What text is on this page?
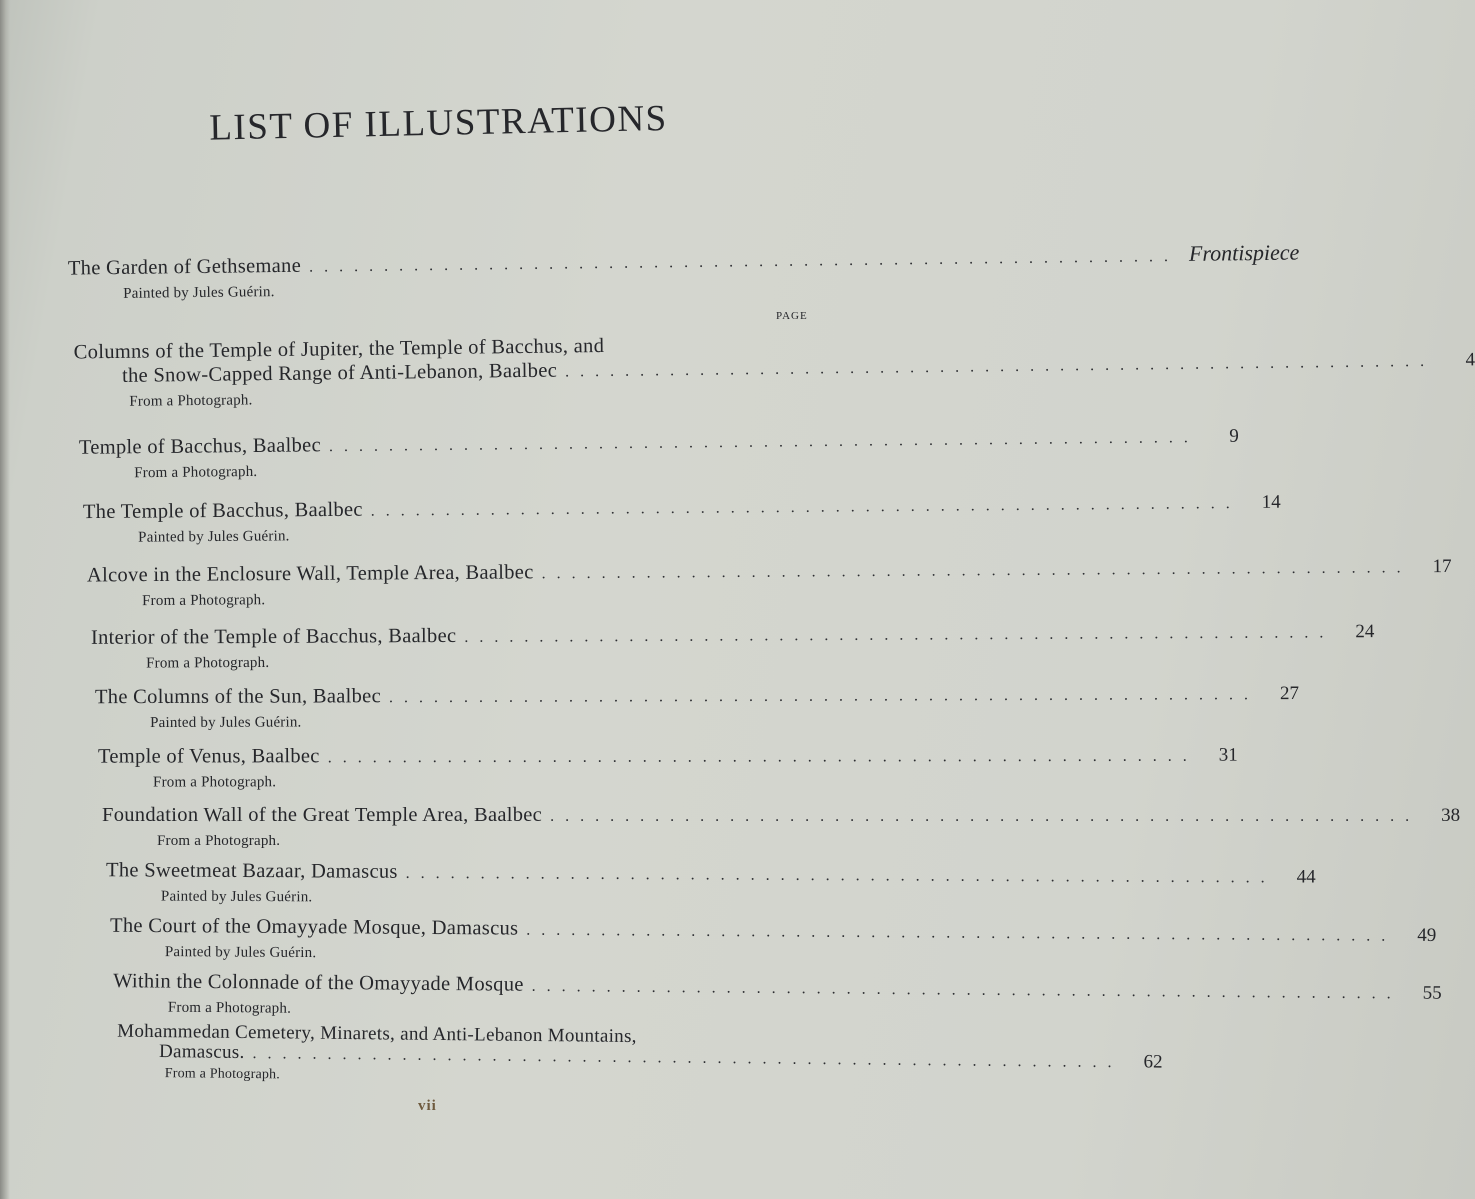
LIST OF ILLUSTRATIONS
PAGE
The Garden of Gethsemane .......................................................... Frontispiece
Painted by Jules Guérin.
Columns of the Temple of Jupiter, the Temple of Bacchus, and
the Snow-Capped Range of Anti-Lebanon, Baalbec ..........................................................	4
From a Photograph.
Temple of Bacchus, Baalbec ..........................................................	9
From a Photograph.
The Temple of Bacchus, Baalbec ..........................................................	14
Painted by Jules Guérin.
Alcove in the Enclosure Wall, Temple Area, Baalbec ..........................................................	17
From a Photograph.
Interior of the Temple of Bacchus, Baalbec ..........................................................	24
From a Photograph.
The Columns of the Sun, Baalbec ..........................................................	27
Painted by Jules Guérin.
Temple of Venus, Baalbec ..........................................................	31
From a Photograph.
Foundation Wall of the Great Temple Area, Baalbec ..........................................................	38
From a Photograph.
The Sweetmeat Bazaar, Damascus ..........................................................	44
Painted by Jules Guérin.
The Court of the Omayyade Mosque, Damascus ..........................................................	49
Painted by Jules Guérin.
Within the Colonnade of the Omayyade Mosque ..........................................................	55
From a Photograph.
Mohammedan Cemetery, Minarets, and Anti-Lebanon Mountains,
Damascus. ..........................................................	62
From a Photograph.
vii
